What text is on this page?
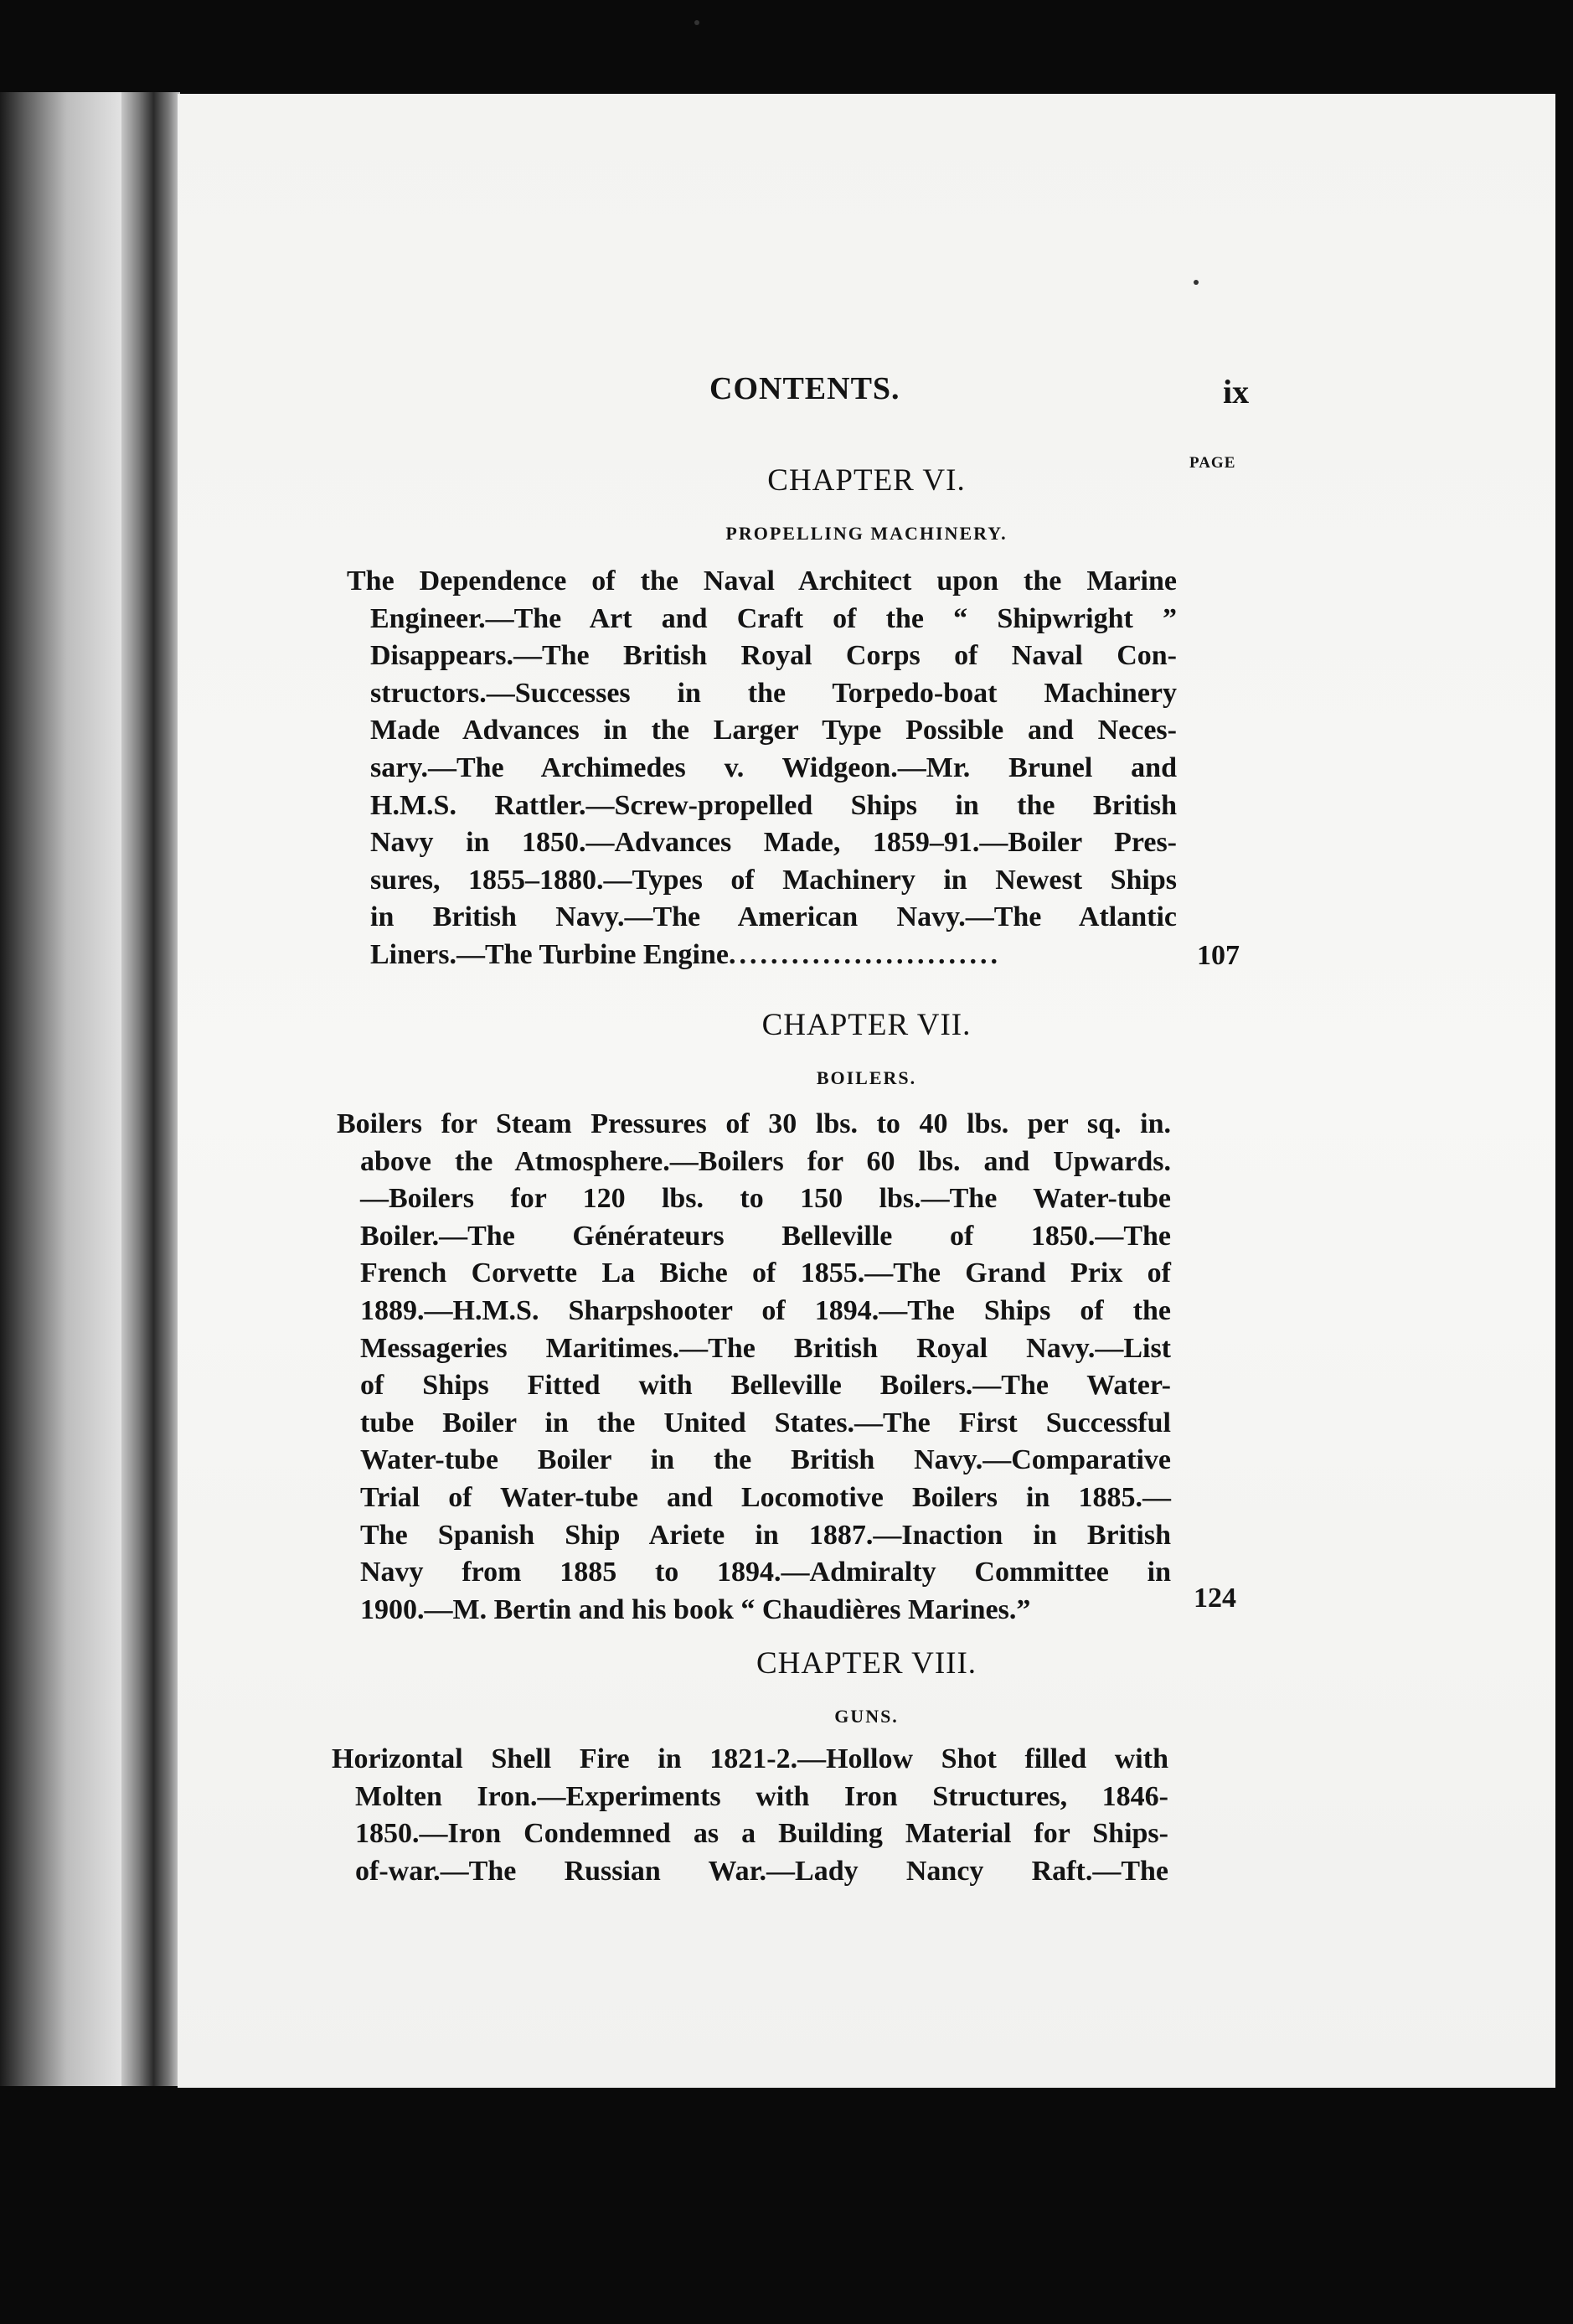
CONTENTS.	ix
PAGE
CHAPTER VI.
PROPELLING MACHINERY.
The Dependence of the Naval Architect upon the Marine
Engineer.—The Art and Craft of the “ Shipwright ”
Disappears.—The British Royal Corps of Naval Con-
structors.—Successes in the Torpedo-boat Machinery
Made Advances in the Larger Type Possible and Neces-
sary.—The Archimedes v. Widgeon.—Mr. Brunel and
H.M.S. Rattler.—Screw-propelled Ships in the British
Navy in 1850.—Advances Made, 1859–91.—Boiler Pres-
sures, 1855–1880.—Types of Machinery in Newest Ships
in British Navy.—The American Navy.—The Atlantic
Liners.—The Turbine Engine..........................	107
CHAPTER VII.
BOILERS.
Boilers for Steam Pressures of 30 lbs. to 40 lbs. per sq. in.
above the Atmosphere.—Boilers for 60 lbs. and Upwards.
—Boilers for 120 lbs. to 150 lbs.—The Water-tube
Boiler.—The Générateurs Belleville of 1850.—The
French Corvette La Biche of 1855.—The Grand Prix of
1889.—H.M.S. Sharpshooter of 1894.—The Ships of the
Messageries Maritimes.—The British Royal Navy.—List
of Ships Fitted with Belleville Boilers.—The Water-
tube Boiler in the United States.—The First Successful
Water-tube Boiler in the British Navy.—Comparative
Trial of Water-tube and Locomotive Boilers in 1885.—
The Spanish Ship Ariete in 1887.—Inaction in British
Navy from 1885 to 1894.—Admiralty Committee in
1900.—M. Bertin and his book “ Chaudières Marines.”	124
CHAPTER VIII.
GUNS.
Horizontal Shell Fire in 1821-2.—Hollow Shot filled with
Molten Iron.—Experiments with Iron Structures, 1846-
1850.—Iron Condemned as a Building Material for Ships-
of-war.—The Russian War.—Lady Nancy Raft.—The
